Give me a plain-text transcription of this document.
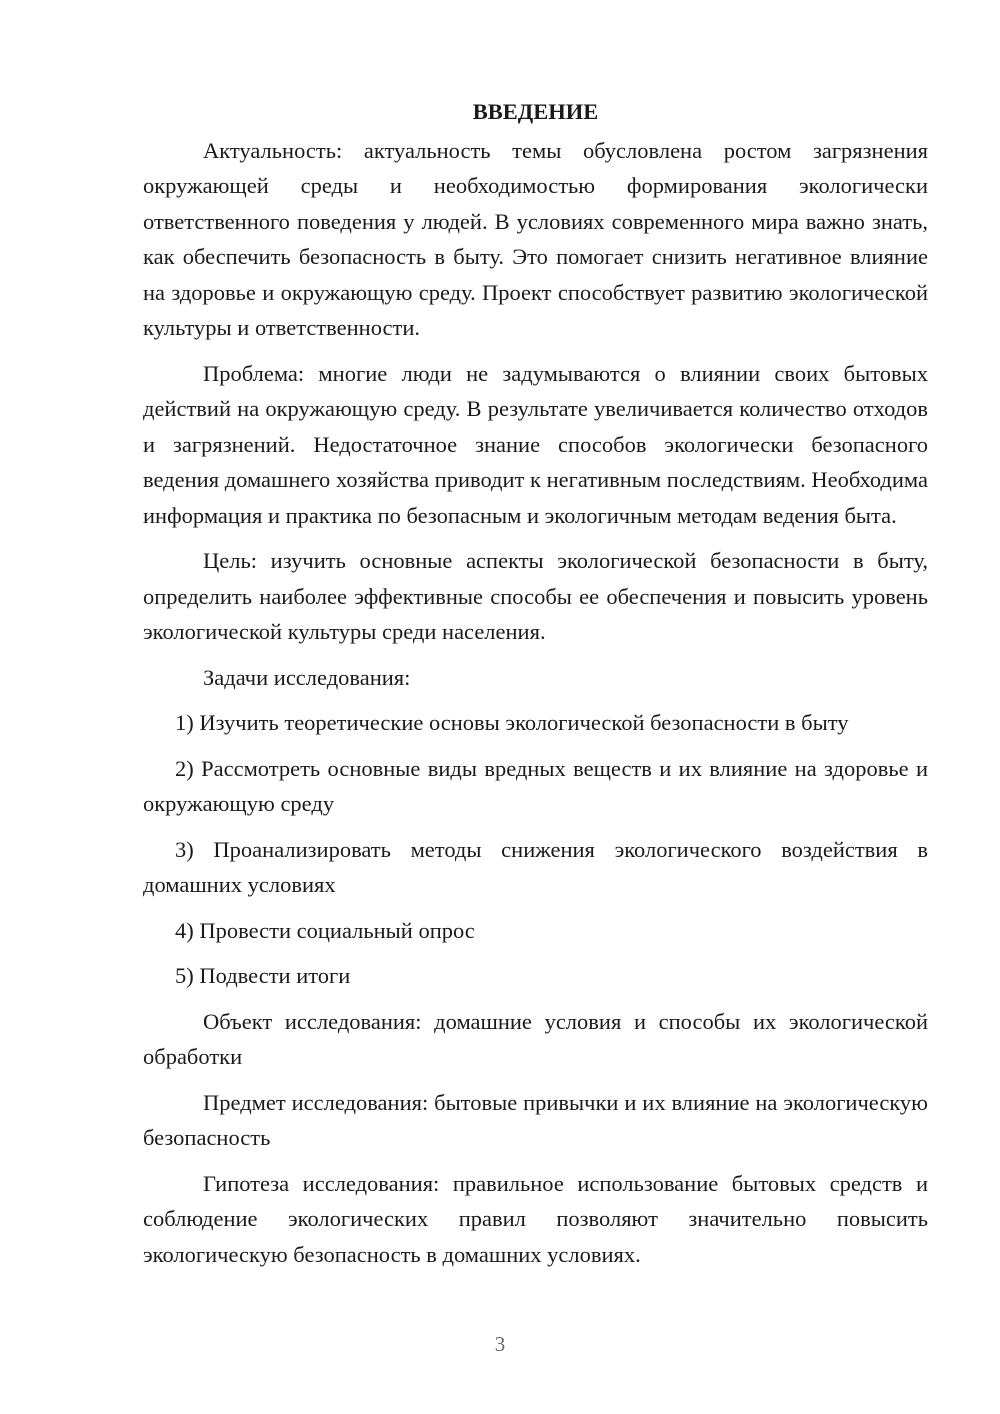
ВВЕДЕНИЕ

Актуальность: актуальность темы обусловлена ростом загрязнения окружающей среды и необходимостью формирования экологически ответственного поведения у людей. В условиях современного мира важно знать, как обеспечить безопасность в быту. Это помогает снизить негативное влияние на здоровье и окружающую среду. Проект способствует развитию экологической культуры и ответственности.

Проблема: многие люди не задумываются о влиянии своих бытовых действий на окружающую среду. В результате увеличивается количество отходов и загрязнений. Недостаточное знание способов экологически безопасного ведения домашнего хозяйства приводит к негативным последствиям. Необходима информация и практика по безопасным и экологичным методам ведения быта.

Цель: изучить основные аспекты экологической безопасности в быту, определить наиболее эффективные способы ее обеспечения и повысить уровень экологической культуры среди населения.

Задачи исследования:

1) Изучить теоретические основы экологической безопасности в быту

2) Рассмотреть основные виды вредных веществ и их влияние на здоровье и окружающую среду

3) Проанализировать методы снижения экологического воздействия в домашних условиях

4) Провести социальный опрос

5) Подвести итоги

Объект исследования: домашние условия и способы их экологической обработки

Предмет исследования: бытовые привычки и их влияние на экологическую безопасность

Гипотеза исследования: правильное использование бытовых средств и соблюдение экологических правил позволяют значительно повысить экологическую безопасность в домашних условиях.

3
